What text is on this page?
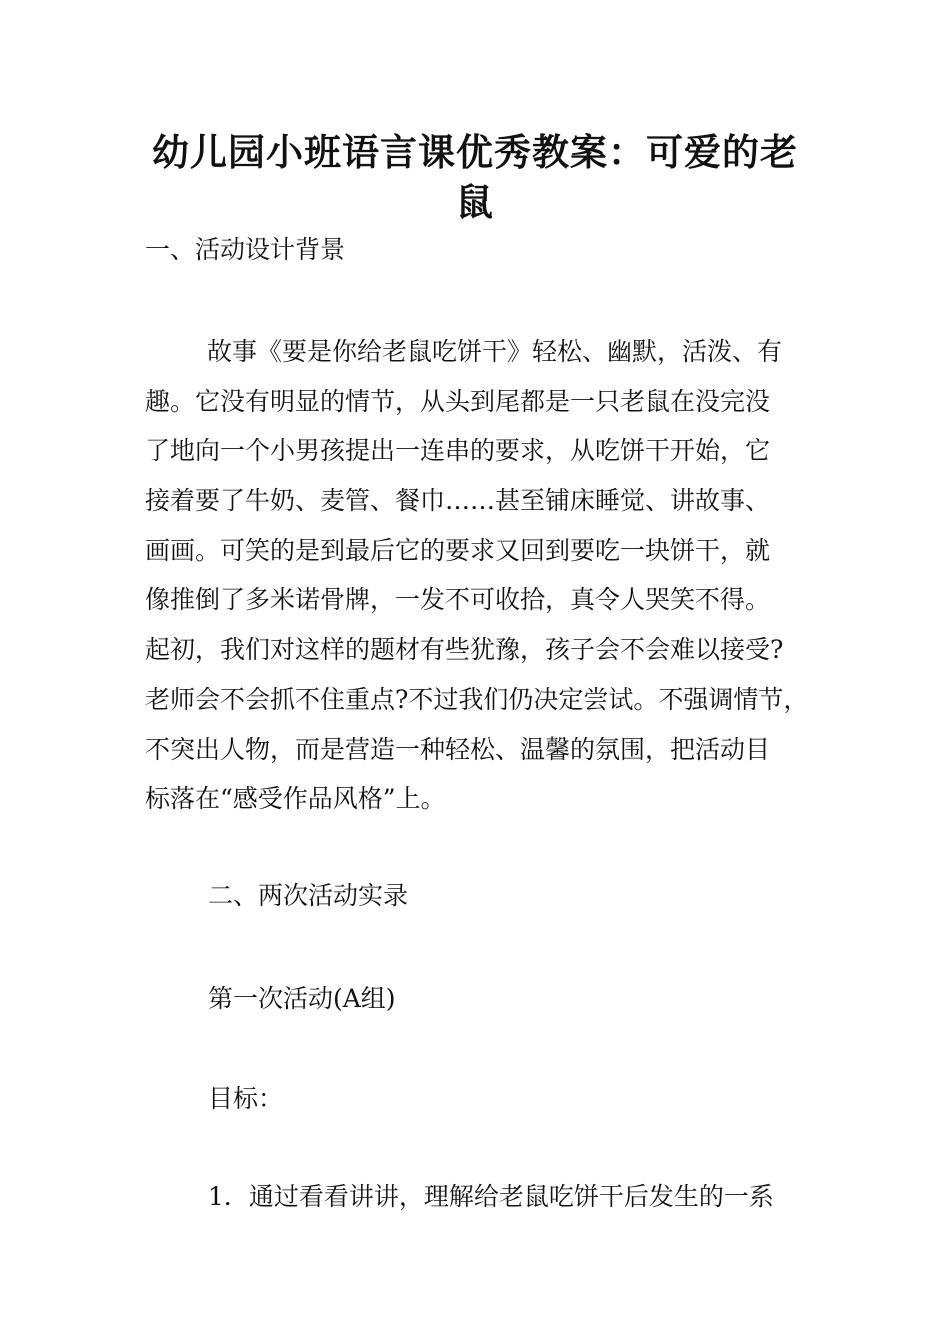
幼儿园小班语言课优秀教案：可爱的老鼠

一、活动设计背景

故事《要是你给老鼠吃饼干》轻松、幽默，活泼、有
趣。它没有明显的情节，从头到尾都是一只老鼠在没完没
了地向一个小男孩提出一连串的要求，从吃饼干开始，它
接着要了牛奶、麦管、餐巾……甚至铺床睡觉、讲故事、
画画。可笑的是到最后它的要求又回到要吃一块饼干，就
像推倒了多米诺骨牌，一发不可收拾，真令人哭笑不得。
起初，我们对这样的题材有些犹豫，孩子会不会难以接受?
老师会不会抓不住重点?不过我们仍决定尝试。不强调情节，
不突出人物，而是营造一种轻松、温馨的氛围，把活动目
标落在“感受作品风格”上。

二、两次活动实录

第一次活动(A组)

目标：

1．通过看看讲讲，理解给老鼠吃饼干后发生的一系
